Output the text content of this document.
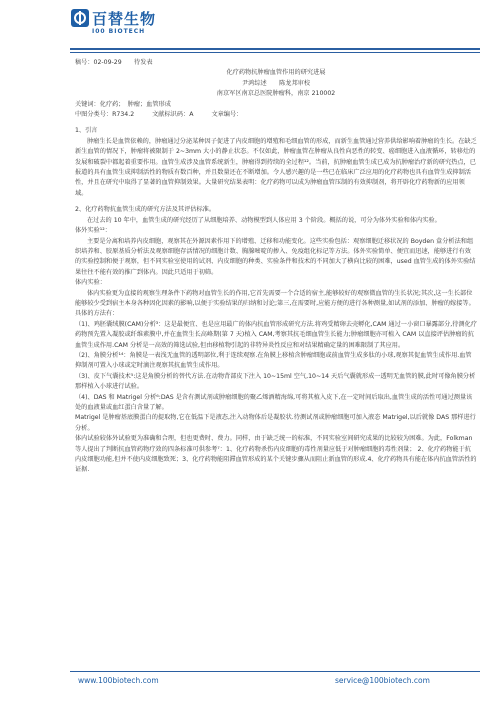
百替生物
I00 BIOTECH

稿号：02-09-29　　待发表

化疗药物抗肿瘤血管作用的研究进展

尹鸿综述　　陈龙邦审校

南京军区南京总医院肿瘤科，南京 210002

关键词：化疗药；　肿瘤；血管形成

中图分类号：R734.2	文献标识码：A	文章编号：

1、引言

肿瘤生长是血管依赖的，肿瘤通过分泌某种因子促进了内皮细胞的增殖和毛细血管的形成，而新生血管通过营养供给影响着肿瘤的生长。在缺乏新生血管的情况下，肿瘤将被限制于 2~3mm 大小的静止状态。不仅如此，肿瘤血管在肿瘤从良性向恶性的转变、癌细胞进入血液循环，转移灶的发展和破裂中都起着重要作用。血管生成涉及血管系统新生，肿瘤得到持续的全过程¹²。当前，抗肿瘤血管生成已成为抗肿瘤治疗新的研究热点，已报道的具有血管生成抑制活性的物质有数百种，并且数量还在不断增加。令人感兴趣的是一些已在临床广泛应用的化疗药物也具有血管生成抑制活性，并且在研究中取得了显著的血管抑制效果。大量研究结果表明：化疗药物可以成为肿瘤血管压制的有效抑制剂，将开辟化疗药物新的应用领域。

2、化疗药物抗血管生成的研究方法及其评估标准。

在过去的 10 年中，血管生成的研究经历了从细胞培养、动物模型到人体应用 3 个阶段。概括的说，可分为体外实验和体内实验。

体外实验¹²：

主要是分离和培养内皮细胞，观察其在外源因素作用下的增殖、迁移和功能变化。这些实验包括：观察细胞迁移状况的 Boyden 盒分析法和组织培养和、胶原基质分析法及观察细胞存活情况的细胞计数、胸腺嘧啶的掺入、免疫组化标记等方法。体外实验简单、便宜而迅速，能够进行有效的实验控制和便于观察，但不同实验室使用的试剂、内皮细胞的种类、实验条件和技术的不同加大了横向比较的困难，used 血管生成的体外实验结果往往不能有效的推广到体内。因此只适用于初筛。

体内实验：

体内实验更为直接的观察生理条件下药物对血管生长的作用,它首先需要一个合适的宿主,能够较好的观察微血管的生长状况;其次,这一生长部位能够较少受到宿主本身各种因化因素的影响,以便于实验结果的归纳和讨论;第三,在需要时,应能方便的进行各种测量,如试剂的添加、肿瘤的嫁接等。具体的方法有：

（1)、鸡胚囊绒膜(CAM)分析³：这是最便宜、也是应用最广的体内抗血管形成研究方法.将鸡受精卵去壳孵化,CAM 通过一小窗口暴露部分,待测化疗药物预先置入凝胶或纤维素膜中,并在血管生长高峰期(第 7 天)植入 CAM,考察其抗毛细血管生长能力;肿瘤细胞亦可植入 CAM 以直接评估肿瘤的抗血管生成作用.CAM 分析是一高效的筛选试验,但由移植物引起的非特异炎性反应和对结果精确定量的困难限制了其应用。

（2)、角膜分析¹⁴：角膜是一表浅无血管的透明部位,利于连续观察.在角膜上移植含肿瘤细胞或前血管生成多肽的小球,观察其促血管生成作用.血管抑制剂可置入小球或定时滴注观察其抗血管生成作用。

（3)、皮下气囊技术⁵:这是角膜分析的替代方法.在动物背部皮下注入 10~15ml 空气,10~14 天后气囊就形成一透明无血管的膜,此时可像角膜分析那样植入小球进行试验。

（4)、DAS 和 Matrigel 分析⁶:DAS 是含有测试剂或肿瘤细胞的聚乙烯酒精海绵,可将其植入皮下,在一定时间后取出,血管生成的活性可通过测量该处的血液量或血红蛋白含量了解。

Matrigel 是肿瘤基底膜蛋白的提取物,它在低温下是液态,注入动物体后是凝胶状.待测试剂或肿瘤细胞可加入液态 Matrigel,以后就像 DAS 那样进行分析。

体内试验较体外试验更为准确和合理，但也更费时、费力。同样，由于缺乏统一的标准，不同实验室间研究成果的比较较为困难。为此，Folkman 等人提出了判断抗血管药物疗效的四条标准可供参考⁷：1、化疗药物杀伤内皮细胞的毒性剂量应低于对肿瘤细胞的毒性剂量； 2、化疗药物能于抗内皮细胞功能,但并不使内皮细胞致死；3、化疗药物能阻滞血管形成的某个关键步骤从而阻止新血管的形成.4、化疗药物具有能在体内抗血管活性的证据.

www.100biotech.com	service@100biotech.com
